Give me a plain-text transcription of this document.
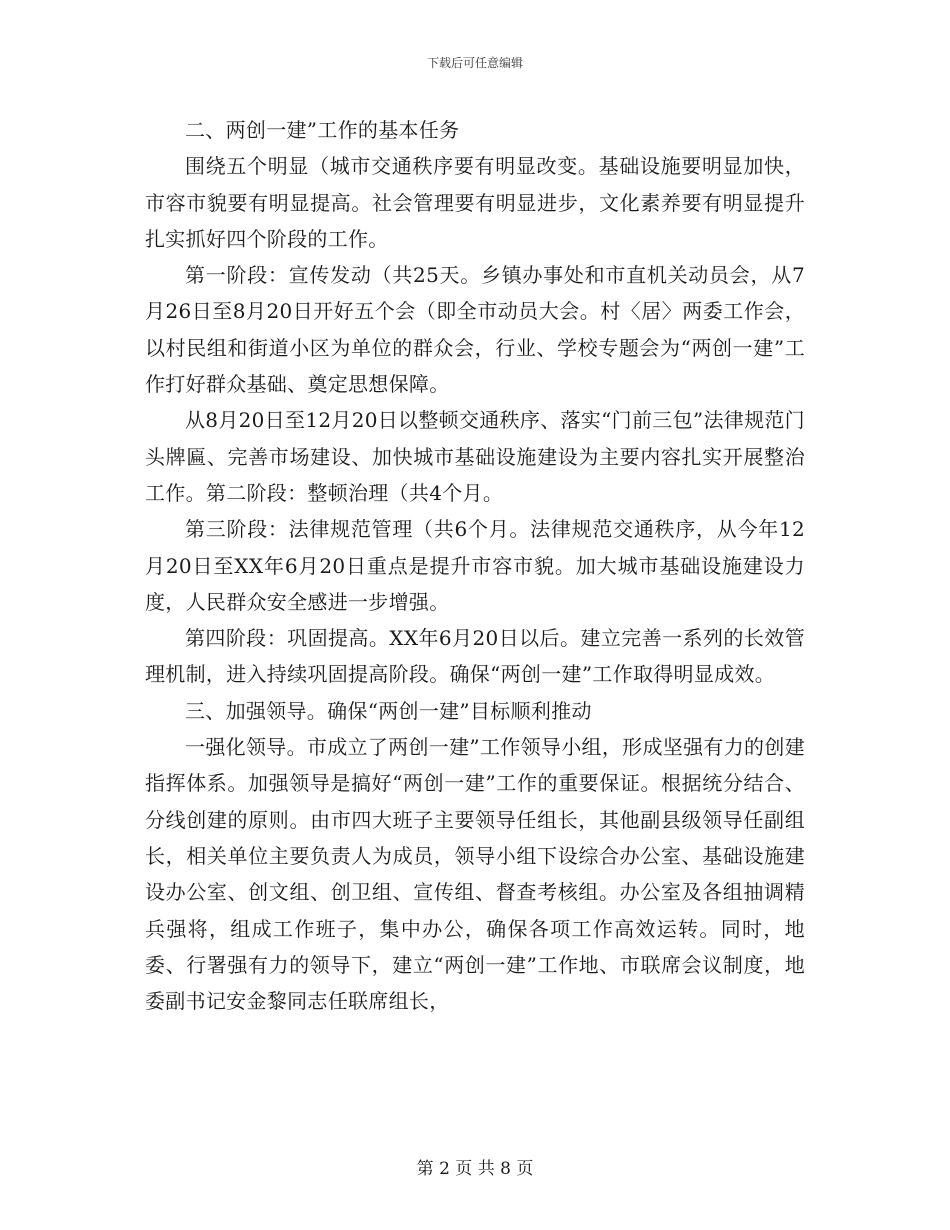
下载后可任意编辑

二、两创一建”工作的基本任务

围绕五个明显（城市交通秩序要有明显改变。基础设施要明显加快，市容市貌要有明显提高。社会管理要有明显进步，文化素养要有明显提升扎实抓好四个阶段的工作。

第一阶段：宣传发动（共25天。乡镇办事处和市直机关动员会，从7月26日至8月20日开好五个会（即全市动员大会。村〈居〉两委工作会，以村民组和街道小区为单位的群众会，行业、学校专题会为“两创一建”工作打好群众基础、奠定思想保障。

从8月20日至12月20日以整顿交通秩序、落实“门前三包”法律规范门头牌匾、完善市场建设、加快城市基础设施建设为主要内容扎实开展整治工作。第二阶段：整顿治理（共4个月。

第三阶段：法律规范管理（共6个月。法律规范交通秩序，从今年12月20日至XX年6月20日重点是提升市容市貌。加大城市基础设施建设力度，人民群众安全感进一步增强。

第四阶段：巩固提高。XX年6月20日以后。建立完善一系列的长效管理机制，进入持续巩固提高阶段。确保“两创一建”工作取得明显成效。

三、加强领导。确保“两创一建”目标顺利推动

一强化领导。市成立了两创一建”工作领导小组，形成坚强有力的创建指挥体系。加强领导是搞好“两创一建”工作的重要保证。根据统分结合、分线创建的原则。由市四大班子主要领导任组长，其他副县级领导任副组长，相关单位主要负责人为成员，领导小组下设综合办公室、基础设施建设办公室、创文组、创卫组、宣传组、督查考核组。办公室及各组抽调精兵强将，组成工作班子，集中办公，确保各项工作高效运转。同时，地委、行署强有力的领导下，建立“两创一建”工作地、市联席会议制度，地委副书记安金黎同志任联席组长，

第 2 页 共 8 页
